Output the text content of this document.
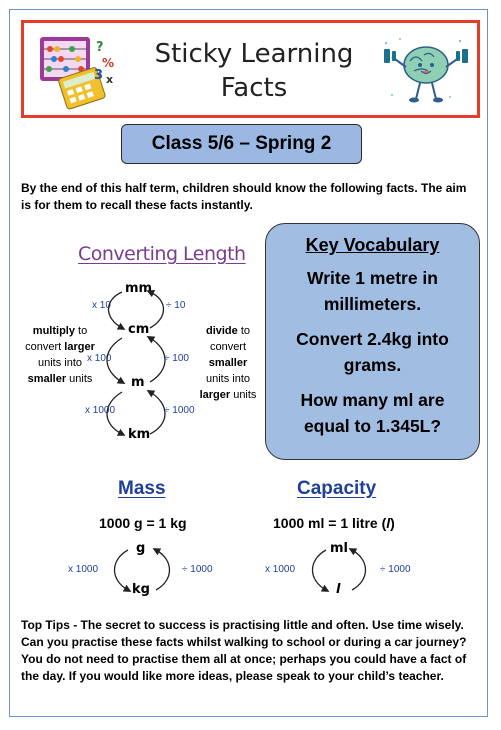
?
%
3 x
Sticky Learning
Facts
Class 5/6 – Spring 2
By the end of this half term, children should know the following facts. The aim is for them to recall these facts instantly.
Converting Length
multiply to
convert larger
units into
smaller units
divide to
convert smaller
units into
larger units
mm
cm
m
km
x 10
x 100
x 1000
÷ 10
÷ 100
÷ 1000
Key Vocabulary
Write 1 metre in millimeters.
Convert 2.4kg into grams.
How many ml are equal to 1.345L?
Mass
1000 g = 1 kg
g
kg
x 1000	÷ 1000
Capacity
1000 ml = 1 litre (l)
ml
l
x 1000	÷ 1000
Top Tips - The secret to success is practising little and often. Use time wisely. Can you practise these facts whilst walking to school or during a car journey? You do not need to practise them all at once; perhaps you could have a fact of the day. If you would like more ideas, please speak to your child’s teacher.
